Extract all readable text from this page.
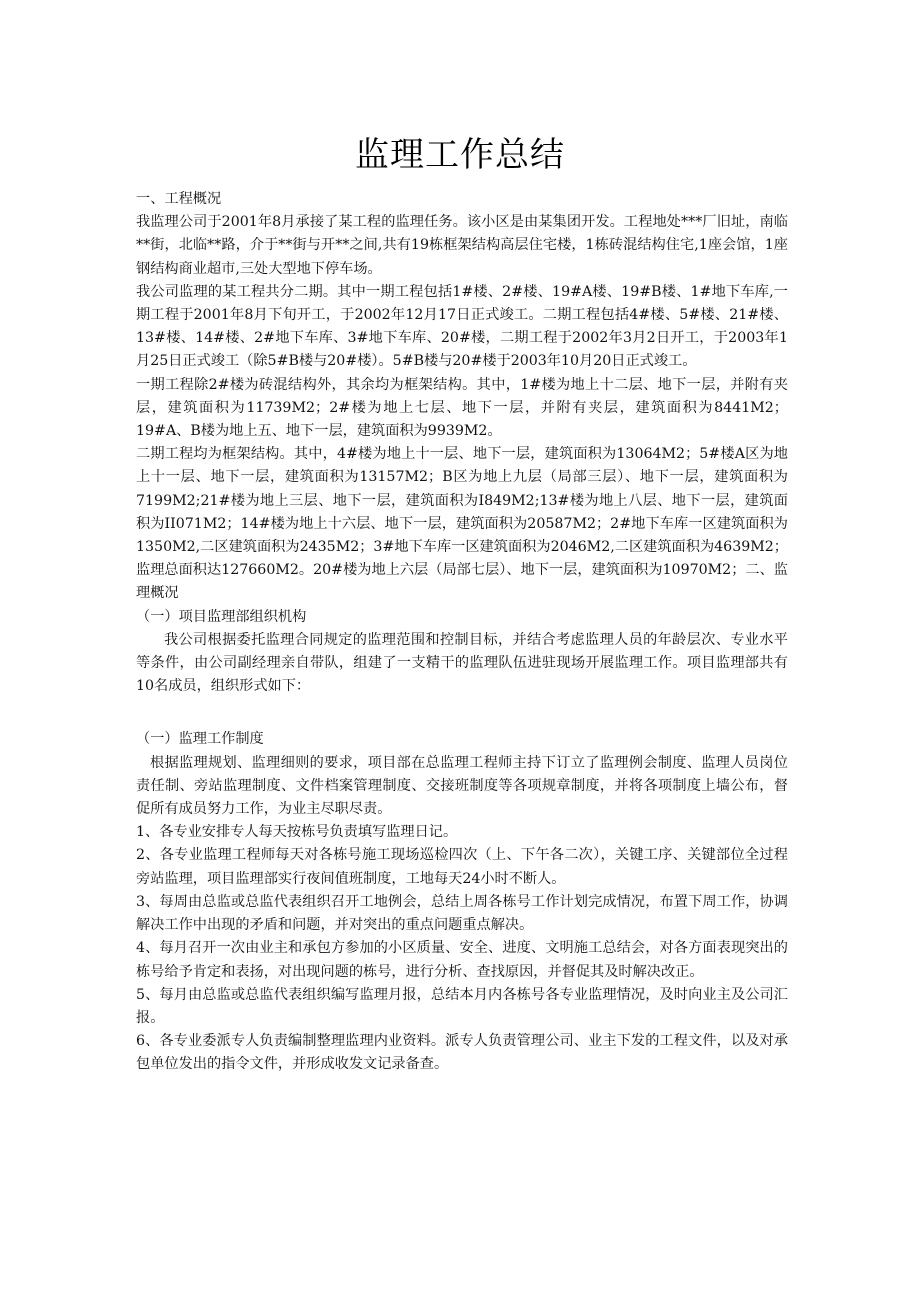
监理工作总结

一、工程概况

我监理公司于2001年8月承接了某工程的监理任务。该小区是由某集团开发。工程地处***厂旧址，南临**街，北临**路，介于**街与开**之间,共有19栋框架结构高层住宅楼，1栋砖混结构住宅,1座会馆，1座钢结构商业超市,三处大型地下停车场。

我公司监理的某工程共分二期。其中一期工程包括1#楼、2#楼、19#A楼、19#B楼、1#地下车库,一期工程于2001年8月下旬开工，于2002年12月17日正式竣工。二期工程包括4#楼、5#楼、21#楼、13#楼、14#楼、2#地下车库、3#地下车库、20#楼，二期工程于2002年3月2日开工，于2003年1月25日正式竣工（除5#B楼与20#楼）。5#B楼与20#楼于2003年10月20日正式竣工。

一期工程除2#楼为砖混结构外，其余均为框架结构。其中，1#楼为地上十二层、地下一层，并附有夹层，建筑面积为11739M2；2#楼为地上七层、地下一层，并附有夹层，建筑面积为8441M2；19#A、B楼为地上五、地下一层，建筑面积为9939M2。

二期工程均为框架结构。其中，4#楼为地上十一层、地下一层，建筑面积为13064M2；5#楼A区为地上十一层、地下一层，建筑面积为13157M2；B区为地上九层（局部三层）、地下一层，建筑面积为7199M2;21#楼为地上三层、地下一层，建筑面积为I849M2;13#楼为地上八层、地下一层，建筑面积为II071M2；14#楼为地上十六层、地下一层，建筑面积为20587M2；2#地下车库一区建筑面积为1350M2,二区建筑面积为2435M2；3#地下车库一区建筑面积为2046M2,二区建筑面积为4639M2；监理总面积达127660M2。20#楼为地上六层（局部七层）、地下一层，建筑面积为10970M2；二、监理概况

（一）项目监理部组织机构

我公司根据委托监理合同规定的监理范围和控制目标，并结合考虑监理人员的年龄层次、专业水平等条件，由公司副经理亲自带队，组建了一支精干的监理队伍进驻现场开展监理工作。项目监理部共有10名成员，组织形式如下：

（一）监理工作制度

根据监理规划、监理细则的要求，项目部在总监理工程师主持下订立了监理例会制度、监理人员岗位责任制、旁站监理制度、文件档案管理制度、交接班制度等各项规章制度，并将各项制度上墙公布，督促所有成员努力工作，为业主尽职尽责。

1、各专业安排专人每天按栋号负责填写监理日记。

2、各专业监理工程师每天对各栋号施工现场巡检四次（上、下午各二次），关键工序、关键部位全过程旁站监理，项目监理部实行夜间值班制度，工地每天24小时不断人。

3、每周由总监或总监代表组织召开工地例会，总结上周各栋号工作计划完成情况，布置下周工作，协调解决工作中出现的矛盾和问题，并对突出的重点问题重点解决。

4、每月召开一次由业主和承包方参加的小区质量、安全、进度、文明施工总结会，对各方面表现突出的栋号给予肯定和表扬，对出现问题的栋号，进行分析、查找原因，并督促其及时解决改正。

5、每月由总监或总监代表组织编写监理月报，总结本月内各栋号各专业监理情况，及时向业主及公司汇报。

6、各专业委派专人负责编制整理监理内业资料。派专人负责管理公司、业主下发的工程文件，以及对承包单位发出的指令文件，并形成收发文记录备查。
